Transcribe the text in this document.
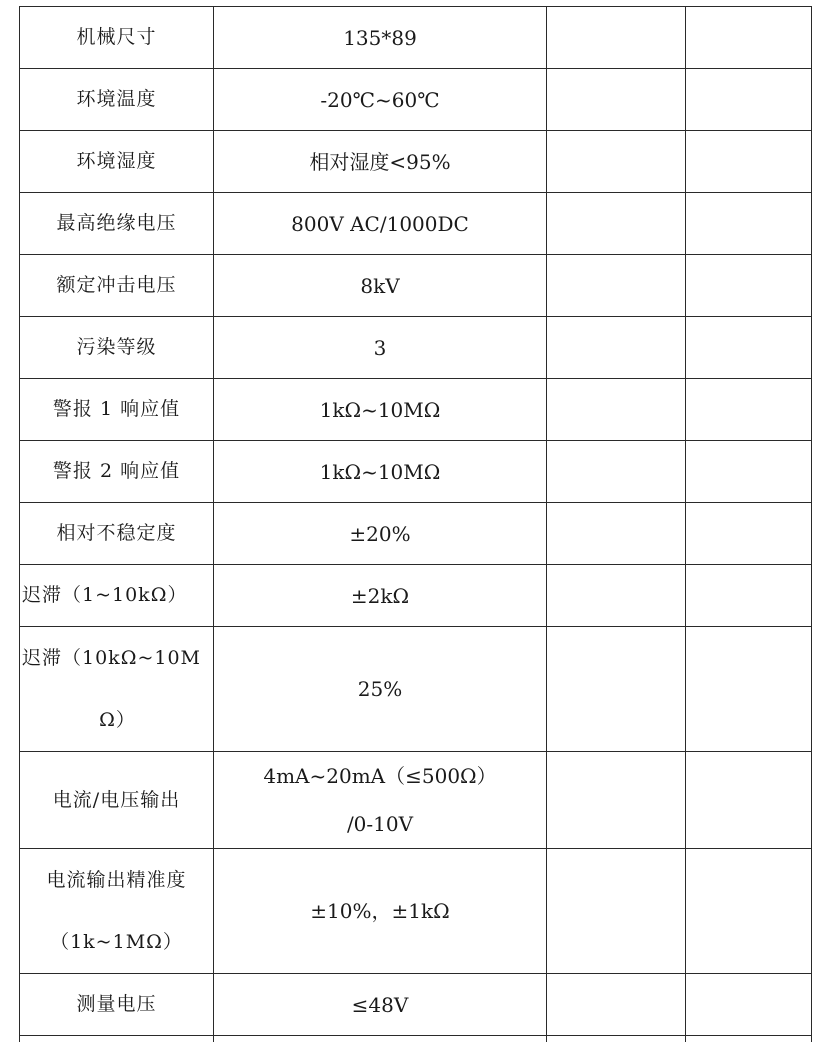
机械尺寸	135*89		
环境温度	-20℃~60℃		
环境湿度	相对湿度<95%		
最高绝缘电压	800V AC/1000DC		
额定冲击电压	8kV		
污染等级	3		
警报 1 响应值	1kΩ~10MΩ		
警报 2 响应值	1kΩ~10MΩ		
相对不稳定度	±20%		
迟滞（1~10kΩ）	±2kΩ		

迟滞（10kΩ~10M
Ω）	25%		
电流/电压输出	4mA~20mA（≤500Ω）
/0-10V		

电流输出精准度
（1k~1MΩ）	±10%，±1kΩ		
测量电压	≤48V		
